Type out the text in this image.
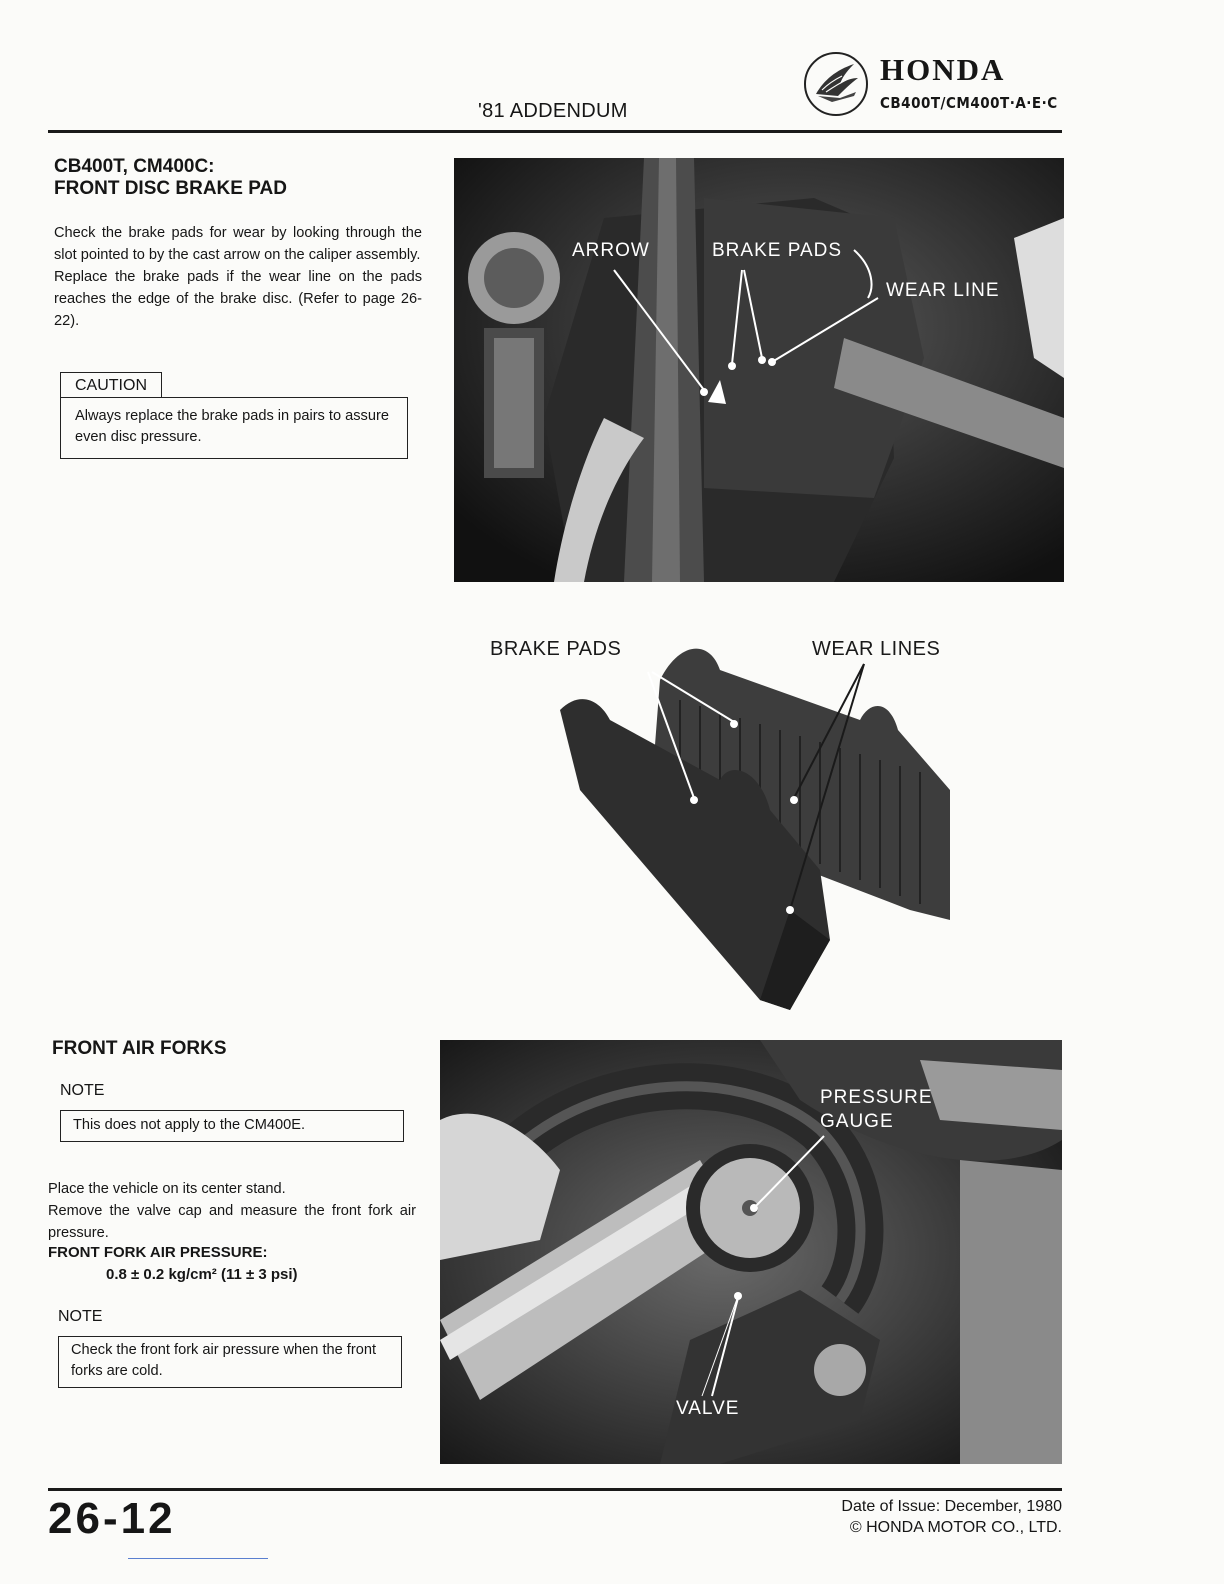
'81 ADDENDUM
HONDA
CB400T/CM400T·A·E·C
CB400T, CM400C:
FRONT DISC BRAKE PAD

Check the brake pads for wear by looking through the slot pointed to by the cast arrow on the caliper assembly.

Replace the brake pads if the wear line on the pads reaches the edge of the brake disc. (Refer to page 26-22).

CAUTION
Always replace the brake pads in pairs to assure even disc pressure.
ARROW	BRAKE PADS
WEAR LINE
BRAKE PADS	WEAR LINES
FRONT AIR FORKS
NOTE
This does not apply to the CM400E.

Place the vehicle on its center stand.

Remove the valve cap and measure the front fork air pressure.

FRONT FORK AIR PRESSURE:
0.8 ± 0.2 kg/cm² (11 ± 3 psi)
NOTE
Check the front fork air pressure when the front forks are cold.
PRESSURE
GAUGE
VALVE
26-12	Date of Issue: December, 1980
© HONDA MOTOR CO., LTD.
